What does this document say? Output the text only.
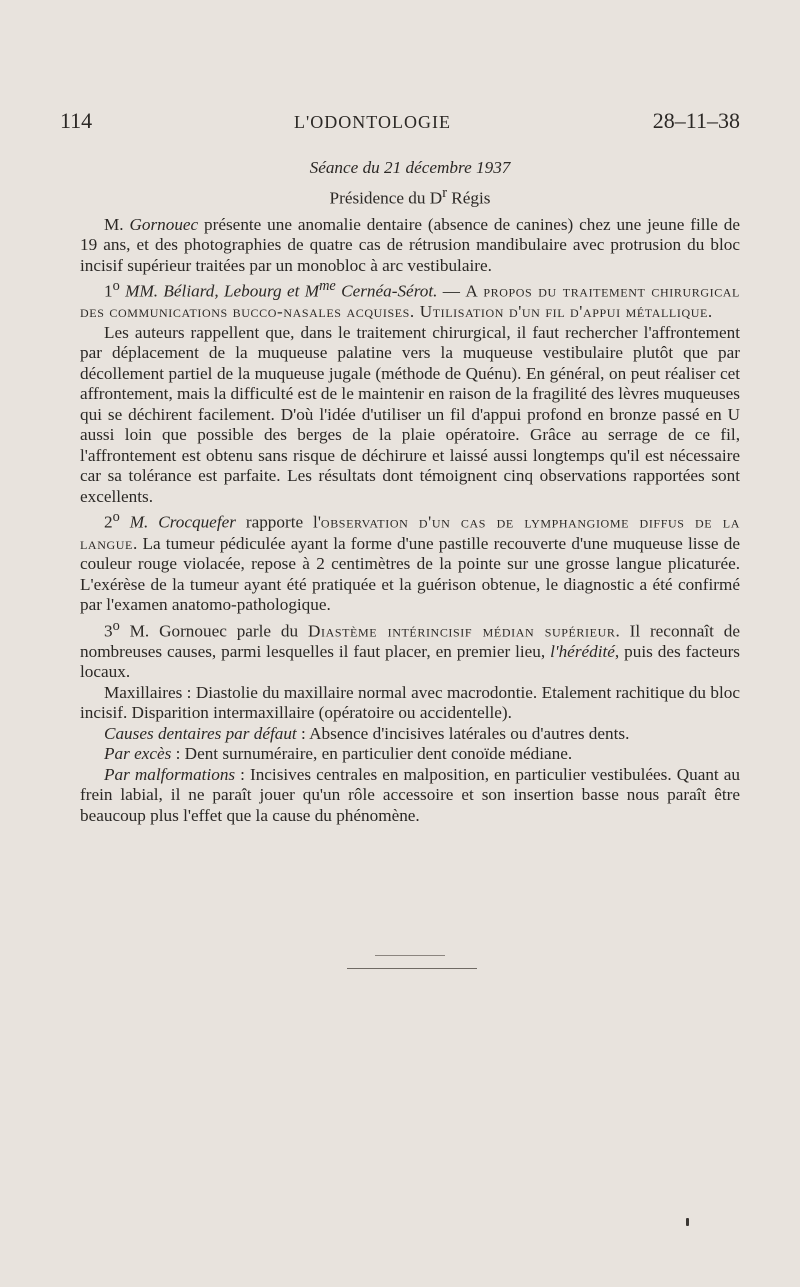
114	L'ODONTOLOGIE	28–11–38
Séance du 21 décembre 1937
Présidence du $D^r$ Régis

M. Gornouec présente une anomalie dentaire (absence de canines) chez une jeune fille de 19 ans, et des photographies de quatre cas de rétrusion mandibulaire avec protrusion du bloc incisif supérieur traitées par un monobloc à arc vestibulaire.

1$^o$ MM. Béliard, Lebourg et $M^{me}$ Cernéa-Sérot. — A propos du traitement chirurgical des communications bucco-nasales acquises. Utilisation d'un fil d'appui métallique.

Les auteurs rappellent que, dans le traitement chirurgical, il faut rechercher l'affrontement par déplacement de la muqueuse palatine vers la muqueuse vestibulaire plutôt que par décollement partiel de la muqueuse jugale (méthode de Quénu). En général, on peut réaliser cet affrontement, mais la difficulté est de le maintenir en raison de la fragilité des lèvres muqueuses qui se déchirent facilement. D'où l'idée d'utiliser un fil d'appui profond en bronze passé en U aussi loin que possible des berges de la plaie opératoire. Grâce au serrage de ce fil, l'affrontement est obtenu sans risque de déchirure et laissé aussi longtemps qu'il est nécessaire car sa tolérance est parfaite. Les résultats dont témoignent cinq observations rapportées sont excellents.

2$^o$ M. Crocquefer rapporte l'observation d'un cas de lymphangiome diffus de la langue. La tumeur pédiculée ayant la forme d'une pastille recouverte d'une muqueuse lisse de couleur rouge violacée, repose à 2 centimètres de la pointe sur une grosse langue plicaturée. L'exérèse de la tumeur ayant été pratiquée et la guérison obtenue, le diagnostic a été confirmé par l'examen anatomo-pathologique.

3$^o$ M. Gornouec parle du Diastème intérincisif médian supérieur. Il reconnaît de nombreuses causes, parmi lesquelles il faut placer, en premier lieu, l'hérédité, puis des facteurs locaux.

Maxillaires : Diastolie du maxillaire normal avec macrodontie. Etalement rachitique du bloc incisif. Disparition intermaxillaire (opératoire ou accidentelle).

Causes dentaires par défaut : Absence d'incisives latérales ou d'autres dents.

Par excès : Dent surnuméraire, en particulier dent conoïde médiane.

Par malformations : Incisives centrales en malposition, en particulier vestibulées. Quant au frein labial, il ne paraît jouer qu'un rôle accessoire et son insertion basse nous paraît être beaucoup plus l'effet que la cause du phénomène.
